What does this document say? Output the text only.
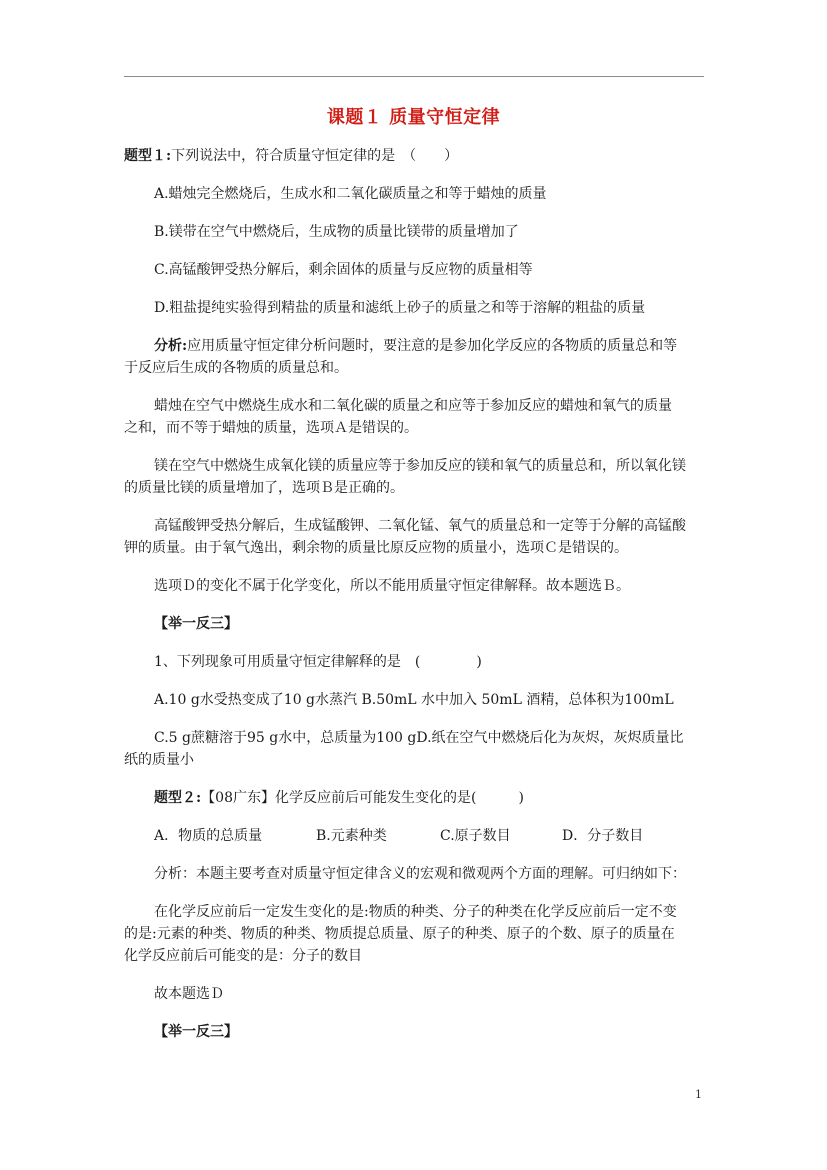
课题１ 质量守恒定律
题型１:下列说法中，符合质量守恒定律的是　（　　）
A.蜡烛完全燃烧后，生成水和二氧化碳质量之和等于蜡烛的质量
B.镁带在空气中燃烧后，生成物的质量比镁带的质量增加了
C.高锰酸钾受热分解后，剩余固体的质量与反应物的质量相等
D.粗盐提纯实验得到精盐的质量和滤纸上砂子的质量之和等于溶解的粗盐的质量
分析:应用质量守恒定律分析问题时，要注意的是参加化学反应的各物质的质量总和等
于反应后生成的各物质的质量总和。
蜡烛在空气中燃烧生成水和二氧化碳的质量之和应等于参加反应的蜡烛和氧气的质量
之和，而不等于蜡烛的质量，选项Ａ是错误的。
镁在空气中燃烧生成氧化镁的质量应等于参加反应的镁和氧气的质量总和，所以氧化镁
的质量比镁的质量增加了，选项Ｂ是正确的。
高锰酸钾受热分解后，生成锰酸钾、二氧化锰、氧气的质量总和一定等于分解的高锰酸
钾的质量。由于氧气逸出，剩余物的质量比原反应物的质量小，选项Ｃ是错误的。
选项Ｄ的变化不属于化学变化，所以不能用质量守恒定律解释。故本题选Ｂ。
【举一反三】
1、下列现象可用质量守恒定律解释的是　(　　　　)
A.10 g水受热变成了10 g水蒸汽 B.50mL 水中加入 50mL 酒精，总体积为100mL
C.5 g蔗糖溶于95 g水中，总质量为100 gD.纸在空气中燃烧后化为灰烬，灰烬质量比
纸的质量小
题型２:【08广东】化学反应前后可能发生变化的是(　　　)
A．物质的总质量	B.元素种类	C.原子数目	D．分子数目
分析：本题主要考查对质量守恒定律含义的宏观和微观两个方面的理解。可归纳如下：
在化学反应前后一定发生变化的是:物质的种类、分子的种类在化学反应前后一定不变
的是:元素的种类、物质的种类、物质提总质量、原子的种类、原子的个数、原子的质量在
化学反应前后可能变的是：分子的数目
故本题选Ｄ
【举一反三】
1
